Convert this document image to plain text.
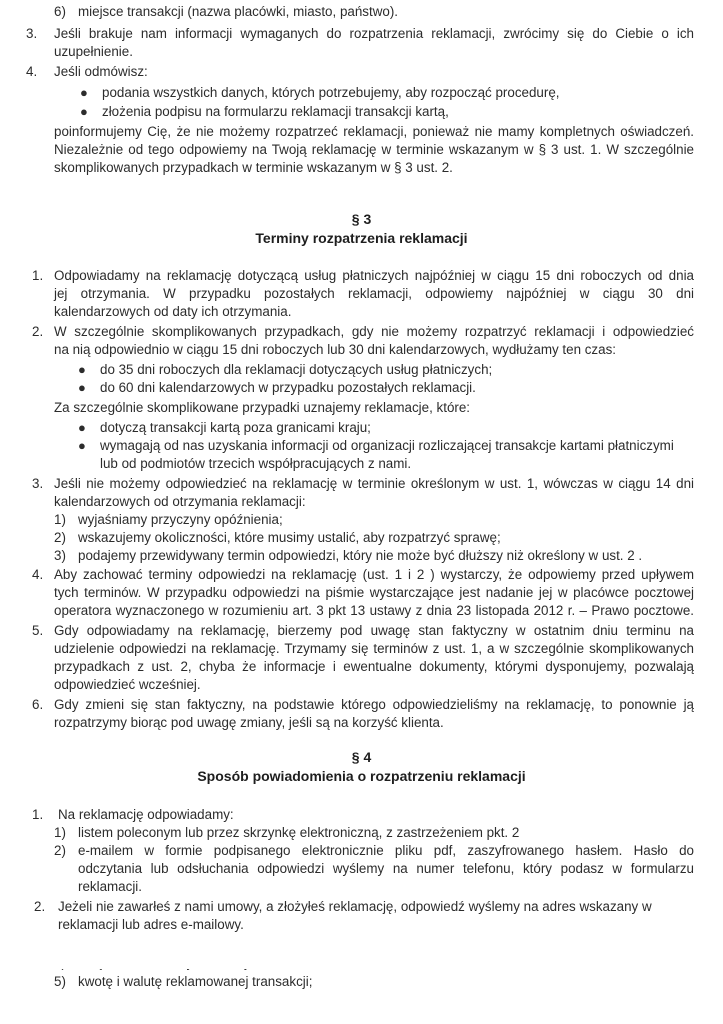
6) miejsce transakcji (nazwa placówki, miasto, państwo).
3. Jeśli brakuje nam informacji wymaganych do rozpatrzenia reklamacji, zwrócimy się do Ciebie o ich
uzupełnienie.
4. Jeśli odmówisz:
● podania wszystkich danych, których potrzebujemy, aby rozpocząć procedurę,
● złożenia podpisu na formularzu reklamacji transakcji kartą,
poinformujemy Cię, że nie możemy rozpatrzeć reklamacji, ponieważ nie mamy kompletnych oświadczeń.
Niezależnie od tego odpowiemy na Twoją reklamację w terminie wskazanym w § 3 ust. 1. W szczególnie
skomplikowanych przypadkach w terminie wskazanym w § 3 ust. 2.
§ 3
Terminy rozpatrzenia reklamacji
1. Odpowiadamy na reklamację dotyczącą usług płatniczych najpóźniej w ciągu 15 dni roboczych od dnia
jej otrzymania. W przypadku pozostałych reklamacji, odpowiemy najpóźniej w ciągu 30 dni
kalendarzowych od daty ich otrzymania.
2. W szczególnie skomplikowanych przypadkach, gdy nie możemy rozpatrzyć reklamacji i odpowiedzieć
na nią odpowiednio w ciągu 15 dni roboczych lub 30 dni kalendarzowych, wydłużamy ten czas:
● do 35 dni roboczych dla reklamacji dotyczących usług płatniczych;
● do 60 dni kalendarzowych w przypadku pozostałych reklamacji.
Za szczególnie skomplikowane przypadki uznajemy reklamacje, które:
● dotyczą transakcji kartą poza granicami kraju;
● wymagają od nas uzyskania informacji od organizacji rozliczającej transakcje kartami płatniczymi
lub od podmiotów trzecich współpracujących z nami.
3. Jeśli nie możemy odpowiedzieć na reklamację w terminie określonym w ust. 1, wówczas w ciągu 14 dni
kalendarzowych od otrzymania reklamacji:
1) wyjaśniamy przyczyny opóźnienia;
2) wskazujemy okoliczności, które musimy ustalić, aby rozpatrzyć sprawę;
3) podajemy przewidywany termin odpowiedzi, który nie może być dłuższy niż określony w ust. 2 .
4. Aby zachować terminy odpowiedzi na reklamację (ust. 1 i 2 ) wystarczy, że odpowiemy przed upływem
tych terminów. W przypadku odpowiedzi na piśmie wystarczające jest nadanie jej w placówce pocztowej
operatora wyznaczonego w rozumieniu art. 3 pkt 13 ustawy z dnia 23 listopada 2012 r. – Prawo pocztowe.
5. Gdy odpowiadamy na reklamację, bierzemy pod uwagę stan faktyczny w ostatnim dniu terminu na
udzielenie odpowiedzi na reklamację. Trzymamy się terminów z ust. 1, a w szczególnie skomplikowanych
przypadkach z ust. 2, chyba że informacje i ewentualne dokumenty, którymi dysponujemy, pozwalają
odpowiedzieć wcześniej.
6. Gdy zmieni się stan faktyczny, na podstawie którego odpowiedzieliśmy na reklamację, to ponownie ją
rozpatrzymy biorąc pod uwagę zmiany, jeśli są na korzyść klienta.
§ 4
Sposób powiadomienia o rozpatrzeniu reklamacji
1. Na reklamację odpowiadamy:
1) listem poleconym lub przez skrzynkę elektroniczną, z zastrzeżeniem pkt. 2
2) e-mailem w formie podpisanego elektronicznie pliku pdf, zaszyfrowanego hasłem. Hasło do
odczytania lub odsłuchania odpowiedzi wyślemy na numer telefonu, który podasz w formularzu
reklamacji.
2. Jeżeli nie zawarłeś z nami umowy, a złożyłeś reklamację, odpowiedź wyślemy na adres wskazany w
reklamacji lub adres e-mailowy.
5) kwotę i walutę reklamowanej transakcji;
